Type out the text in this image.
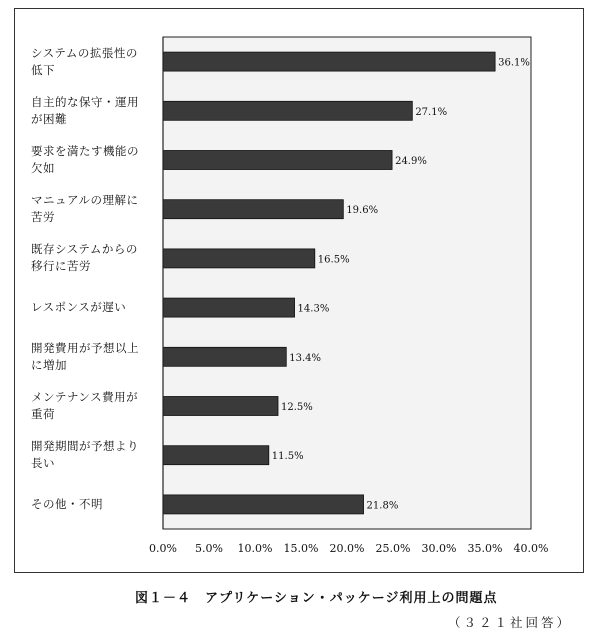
36.1%
27.1%
24.9%
19.6%
16.5%
14.3%
13.4%
12.5%
11.5%
21.8%
0.0% 5.0% 10.0% 15.0% 20.0% 25.0% 30.0% 35.0% 40.0%
システムの拡張性の
低下
自主的な保守・運用
が困難
要求を満たす機能の
欠如
マニュアルの理解に
苦労
既存システムからの
移行に苦労
レスポンスが遅い
開発費用が予想以上
に増加
メンテナンス費用が
重荷
開発期間が予想より
長い
その他・不明
図１－４　アプリケーション・パッケージ利用上の問題点
（３２１社回答）
